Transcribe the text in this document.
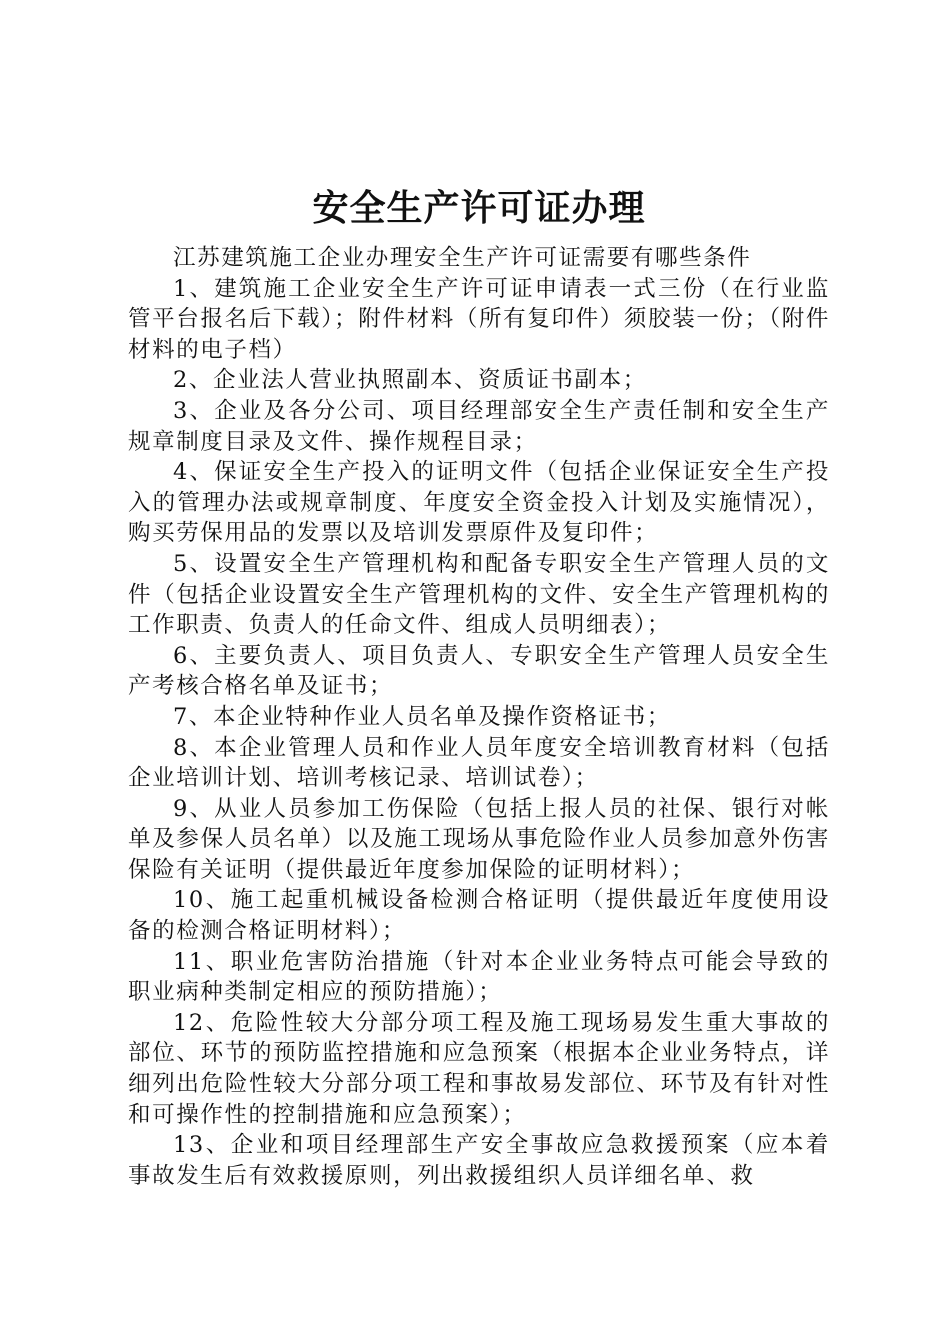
安全生产许可证办理

江苏建筑施工企业办理安全生产许可证需要有哪些条件

1、建筑施工企业安全生产许可证申请表一式三份（在行业监管平台报名后下载）；附件材料（所有复印件）须胶装一份；（附件材料的电子档）

2、企业法人营业执照副本、资质证书副本；

3、企业及各分公司、项目经理部安全生产责任制和安全生产规章制度目录及文件、操作规程目录；

4、保证安全生产投入的证明文件（包括企业保证安全生产投入的管理办法或规章制度、年度安全资金投入计划及实施情况），购买劳保用品的发票以及培训发票原件及复印件；

5、设置安全生产管理机构和配备专职安全生产管理人员的文件（包括企业设置安全生产管理机构的文件、安全生产管理机构的工作职责、负责人的任命文件、组成人员明细表）；

6、主要负责人、项目负责人、专职安全生产管理人员安全生产考核合格名单及证书；

7、本企业特种作业人员名单及操作资格证书；

8、本企业管理人员和作业人员年度安全培训教育材料（包括企业培训计划、培训考核记录、培训试卷）；

9、从业人员参加工伤保险（包括上报人员的社保、银行对帐单及参保人员名单）以及施工现场从事危险作业人员参加意外伤害保险有关证明（提供最近年度参加保险的证明材料）；

10、施工起重机械设备检测合格证明（提供最近年度使用设备的检测合格证明材料）；

11、职业危害防治措施（针对本企业业务特点可能会导致的职业病种类制定相应的预防措施）；

12、危险性较大分部分项工程及施工现场易发生重大事故的部位、环节的预防监控措施和应急预案（根据本企业业务特点，详细列出危险性较大分部分项工程和事故易发部位、环节及有针对性和可操作性的控制措施和应急预案）；

13、企业和项目经理部生产安全事故应急救援预案（应本着事故发生后有效救援原则，列出救援组织人员详细名单、救
